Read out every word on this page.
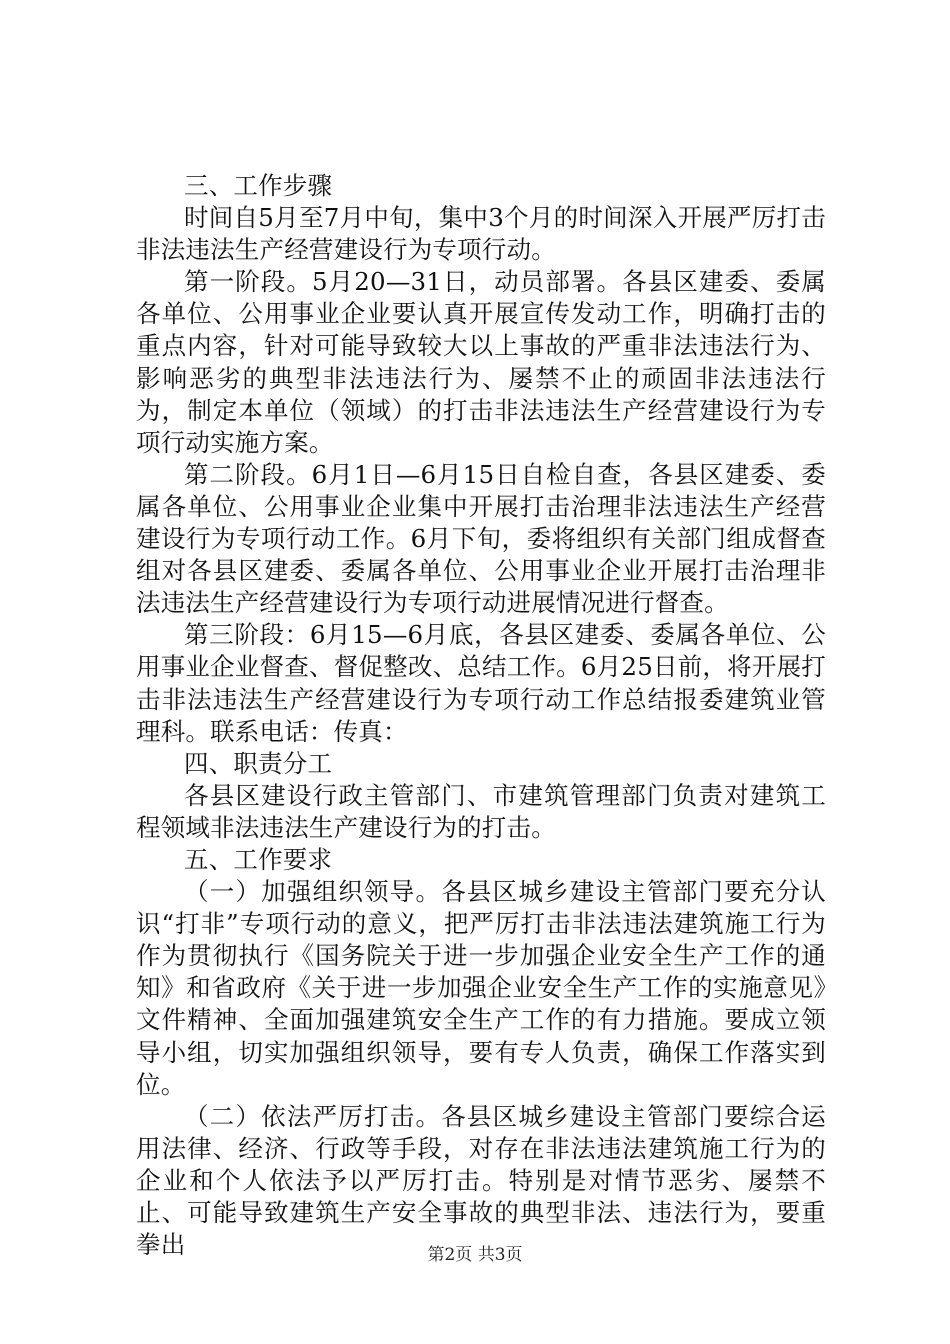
三、工作步骤

时间自5月至7月中旬，集中3个月的时间深入开展严厉打击非法违法生产经营建设行为专项行动。

第一阶段。5月20—31日，动员部署。各县区建委、委属各单位、公用事业企业要认真开展宣传发动工作，明确打击的重点内容，针对可能导致较大以上事故的严重非法违法行为、影响恶劣的典型非法违法行为、屡禁不止的顽固非法违法行为，制定本单位（领域）的打击非法违法生产经营建设行为专项行动实施方案。

第二阶段。6月1日—6月15日自检自查，各县区建委、委属各单位、公用事业企业集中开展打击治理非法违法生产经营建设行为专项行动工作。6月下旬，委将组织有关部门组成督查组对各县区建委、委属各单位、公用事业企业开展打击治理非法违法生产经营建设行为专项行动进展情况进行督查。

第三阶段：6月15—6月底，各县区建委、委属各单位、公用事业企业督查、督促整改、总结工作。6月25日前，将开展打击非法违法生产经营建设行为专项行动工作总结报委建筑业管理科。联系电话：传真：

四、职责分工

各县区建设行政主管部门、市建筑管理部门负责对建筑工程领域非法违法生产建设行为的打击。

五、工作要求

（一）加强组织领导。各县区城乡建设主管部门要充分认识“打非”专项行动的意义，把严厉打击非法违法建筑施工行为作为贯彻执行《国务院关于进一步加强企业安全生产工作的通知》和省政府《关于进一步加强企业安全生产工作的实施意见》文件精神、全面加强建筑安全生产工作的有力措施。要成立领导小组，切实加强组织领导，要有专人负责，确保工作落实到位。

（二）依法严厉打击。各县区城乡建设主管部门要综合运用法律、经济、行政等手段，对存在非法违法建筑施工行为的企业和个人依法予以严厉打击。特别是对情节恶劣、屡禁不止、可能导致建筑生产安全事故的典型非法、违法行为，要重拳出	第2页 共3页
